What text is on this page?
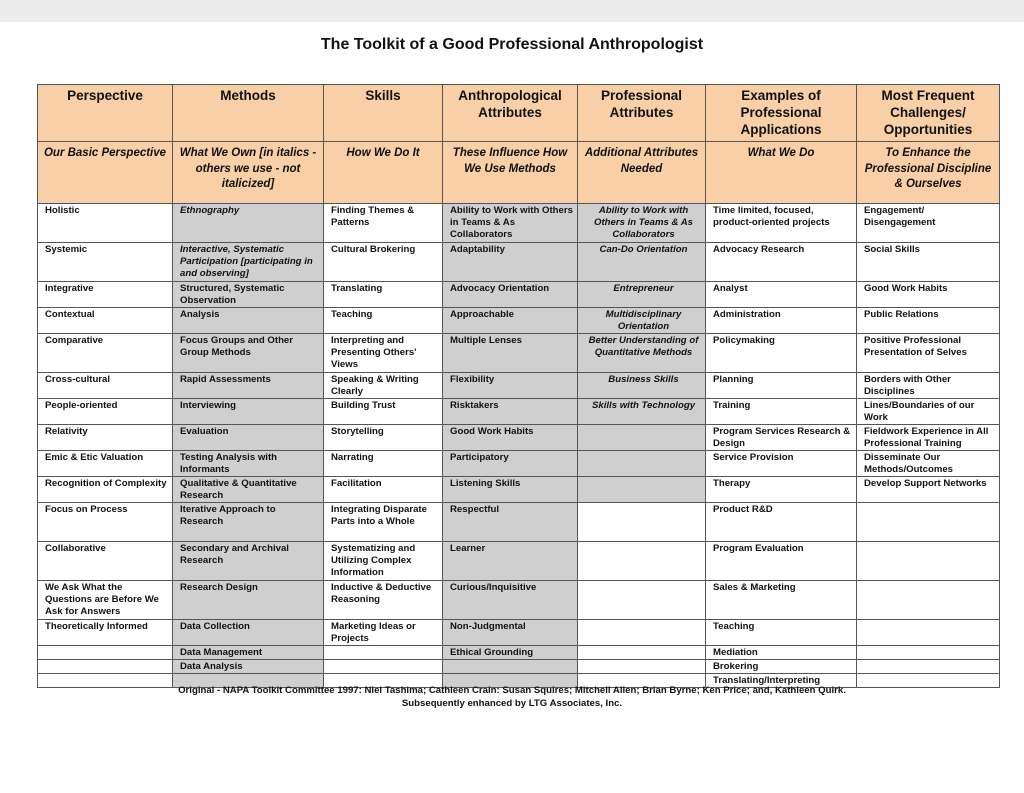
The Toolkit of a Good Professional Anthropologist
Perspective	Methods	Skills	Anthropological Attributes	Professional Attributes	Examples of Professional Applications	Most Frequent Challenges/ Opportunities
Our Basic Perspective	What We Own [in italics - others we use - not italicized]	How We Do It	These Influence How We Use Methods	Additional Attributes Needed	What We Do	To Enhance the Professional Discipline & Ourselves
Holistic	Ethnography	Finding Themes & Patterns	Ability to Work with Others in Teams & As Collaborators	Ability to Work with Others in Teams & As Collaborators	Time limited, focused, product-oriented projects	Engagement/ Disengagement
Systemic	Interactive, Systematic Participation [participating in and observing]	Cultural Brokering	Adaptability	Can-Do Orientation	Advocacy Research	Social Skills
Integrative	Structured, Systematic Observation	Translating	Advocacy Orientation	Entrepreneur	Analyst	Good Work Habits
Contextual	Analysis	Teaching	Approachable	Multidisciplinary Orientation	Administration	Public Relations
Comparative	Focus Groups and Other Group Methods	Interpreting and Presenting Others' Views	Multiple Lenses	Better Understanding of Quantitative Methods	Policymaking	Positive Professional Presentation of Selves
Cross-cultural	Rapid Assessments	Speaking & Writing Clearly	Flexibility	Business Skills	Planning	Borders with Other Disciplines
People-oriented	Interviewing	Building Trust	Risktakers	Skills with Technology	Training	Lines/Boundaries of our Work
Relativity	Evaluation	Storytelling	Good Work Habits		Program Services Research & Design	Fieldwork Experience in All Professional Training
Emic & Etic Valuation	Testing Analysis with Informants	Narrating	Participatory		Service Provision	Disseminate Our Methods/Outcomes
Recognition of Complexity	Qualitative & Quantitative Research	Facilitation	Listening Skills		Therapy	Develop Support Networks
Focus on Process	Iterative Approach to Research	Integrating Disparate Parts into a Whole	Respectful		Product R&D	
Collaborative	Secondary and Archival Research	Systematizing and Utilizing Complex Information	Learner		Program Evaluation	
We Ask What the Questions are Before We Ask for Answers	Research Design	Inductive & Deductive Reasoning	Curious/Inquisitive		Sales & Marketing	
Theoretically Informed	Data Collection	Marketing Ideas or Projects	Non-Judgmental		Teaching	
	Data Management		Ethical Grounding		Mediation	
	Data Analysis				Brokering	
					Translating/Interpreting	
Original - NAPA Toolkit Committee 1997: Niel Tashima; Cathleen Crain: Susan Squires; Mitchell Allen; Brian Byrne; Ken Price; and, Kathleen Quirk.
Subsequently enhanced by LTG Associates, Inc.
